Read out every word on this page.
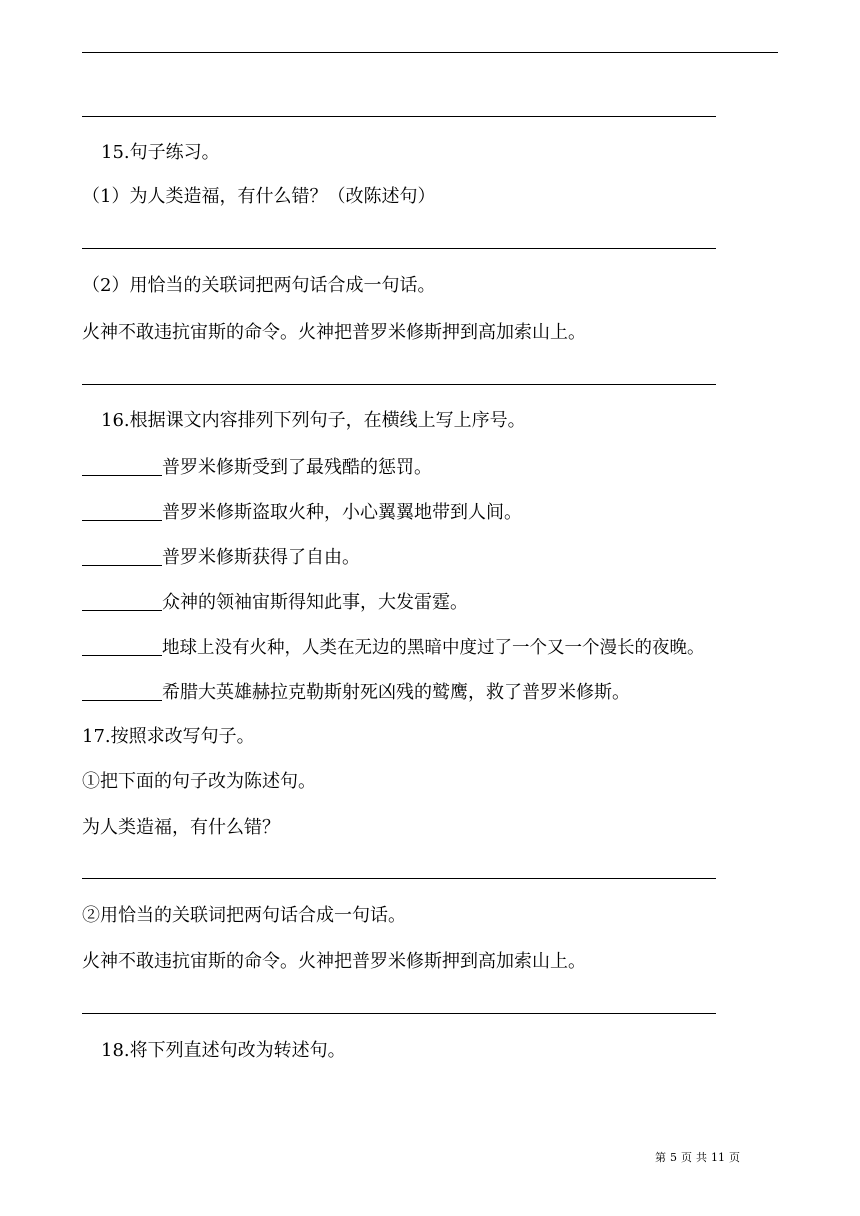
15.句子练习。
（1）为人类造福，有什么错？（改陈述句）
（2）用恰当的关联词把两句话合成一句话。
火神不敢违抗宙斯的命令。火神把普罗米修斯押到高加索山上。
16.根据课文内容排列下列句子，在横线上写上序号。
普罗米修斯受到了最残酷的惩罚。
普罗米修斯盗取火种，小心翼翼地带到人间。
普罗米修斯获得了自由。
众神的领袖宙斯得知此事，大发雷霆。
地球上没有火种，人类在无边的黑暗中度过了一个又一个漫长的夜晚。
希腊大英雄赫拉克勒斯射死凶残的鹫鹰，救了普罗米修斯。
17.按照求改写句子。
①把下面的句子改为陈述句。
为人类造福，有什么错？
②用恰当的关联词把两句话合成一句话。
火神不敢违抗宙斯的命令。火神把普罗米修斯押到高加索山上。
18.将下列直述句改为转述句。
第 5 页 共 11 页
